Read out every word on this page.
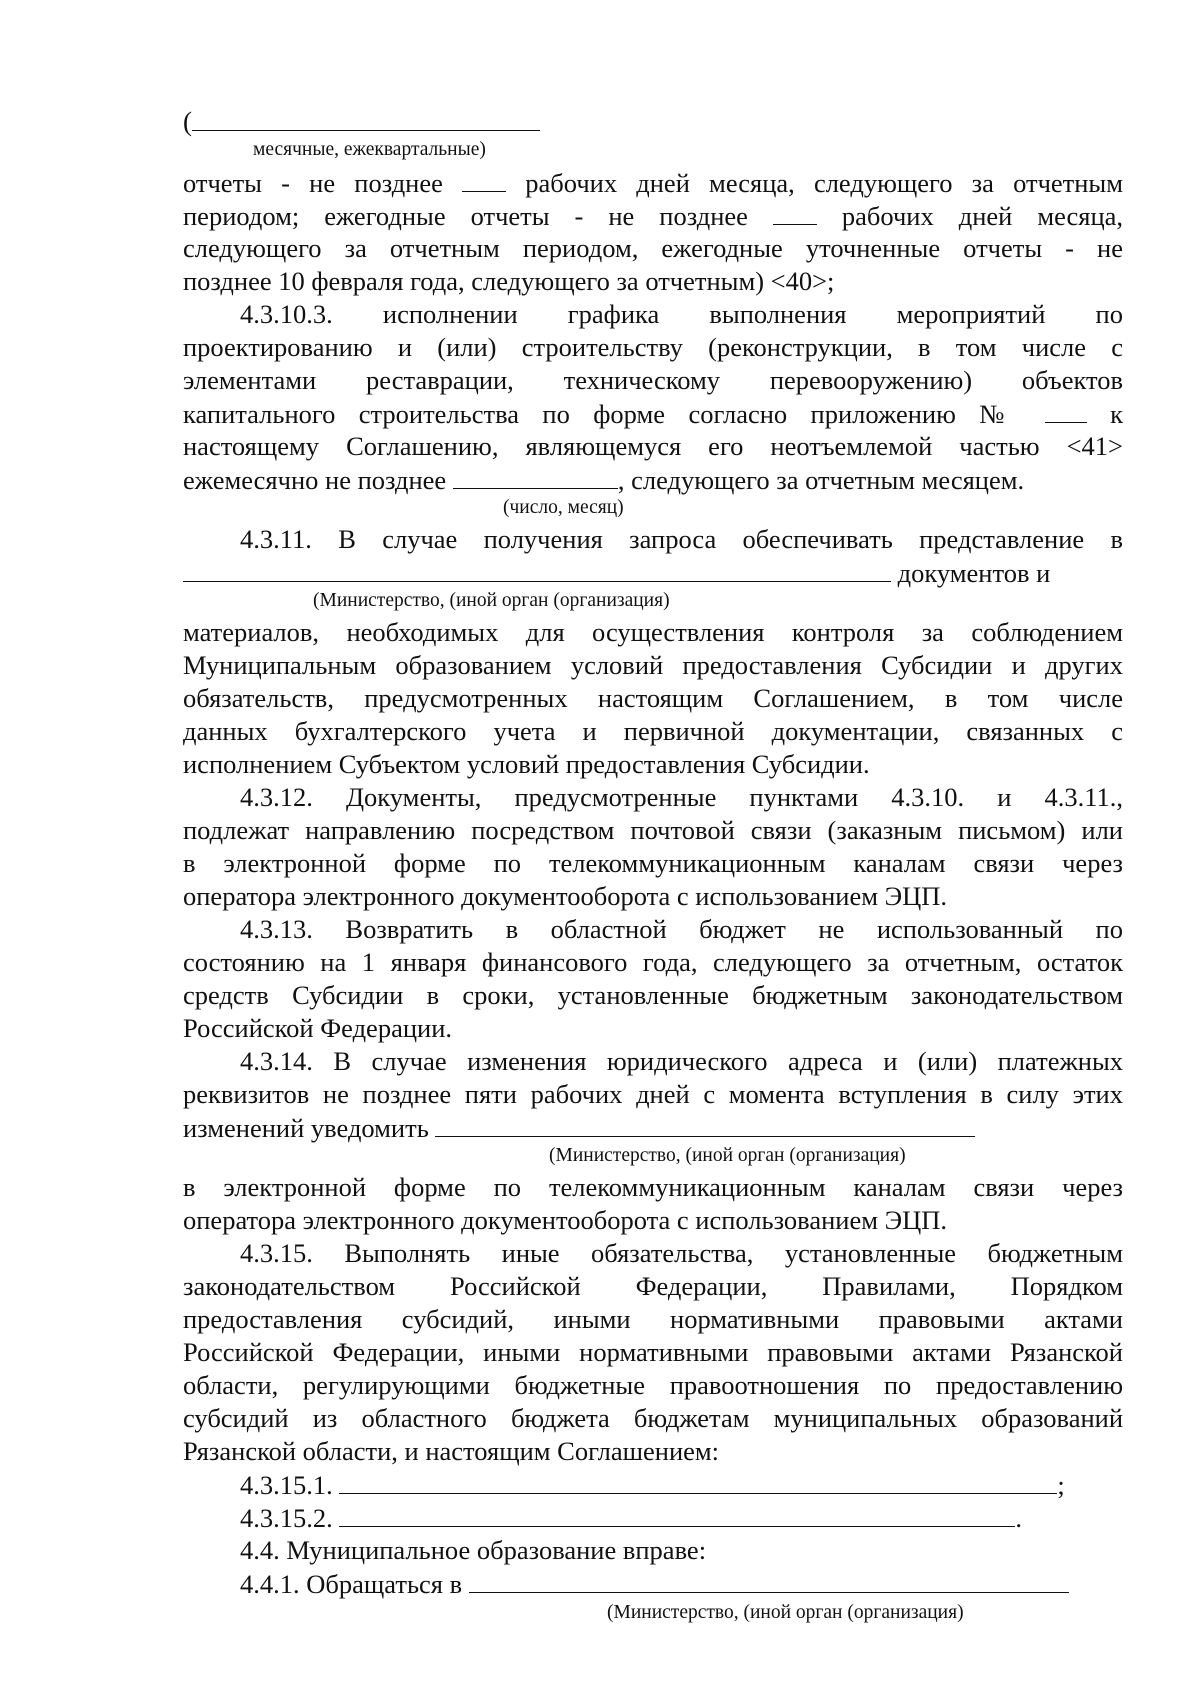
(
месячные, ежеквартальные)
отчеты - не позднее	рабочих дней месяца, следующего за отчетным
периодом; ежегодные отчеты - не позднее	рабочих дней месяца,
следующего за отчетным периодом, ежегодные уточненные отчеты - не
позднее 10 февраля года, следующего за отчетным) <40>;
4.3.10.3. исполнении графика выполнения мероприятий по
проектированию и (или) строительству (реконструкции, в том числе с
элементами реставрации, техническому перевооружению) объектов
капитального строительства по форме согласно приложению №	к
настоящему Соглашению, являющемуся его неотъемлемой частью <41>
ежемесячно не позднее	, следующего за отчетным месяцем.
(число, месяц)
4.3.11. В случае получения запроса обеспечивать представление в
документов и
(Министерство, (иной орган (организация)
материалов, необходимых для осуществления контроля за соблюдением
Муниципальным образованием условий предоставления Субсидии и других
обязательств, предусмотренных настоящим Соглашением, в том числе
данных бухгалтерского учета и первичной документации, связанных с
исполнением Субъектом условий предоставления Субсидии.
4.3.12. Документы, предусмотренные пунктами 4.3.10. и 4.3.11.,
подлежат направлению посредством почтовой связи (заказным письмом) или
в электронной форме по телекоммуникационным каналам связи через
оператора электронного документооборота с использованием ЭЦП.
4.3.13. Возвратить в областной бюджет не использованный по
состоянию на 1 января финансового года, следующего за отчетным, остаток
средств Субсидии в сроки, установленные бюджетным законодательством
Российской Федерации.
4.3.14. В случае изменения юридического адреса и (или) платежных
реквизитов не позднее пяти рабочих дней с момента вступления в силу этих
изменений уведомить
(Министерство, (иной орган (организация)
в электронной форме по телекоммуникационным каналам связи через
оператора электронного документооборота с использованием ЭЦП.
4.3.15. Выполнять иные обязательства, установленные бюджетным
законодательством Российской Федерации, Правилами, Порядком
предоставления субсидий, иными нормативными правовыми актами
Российской Федерации, иными нормативными правовыми актами Рязанской
области, регулирующими бюджетные правоотношения по предоставлению
субсидий из областного бюджета бюджетам муниципальных образований
Рязанской области, и настоящим Соглашением:
4.3.15.1.	;
4.3.15.2.	.
4.4. Муниципальное образование вправе:
4.4.1. Обращаться в
(Министерство, (иной орган (организация)
